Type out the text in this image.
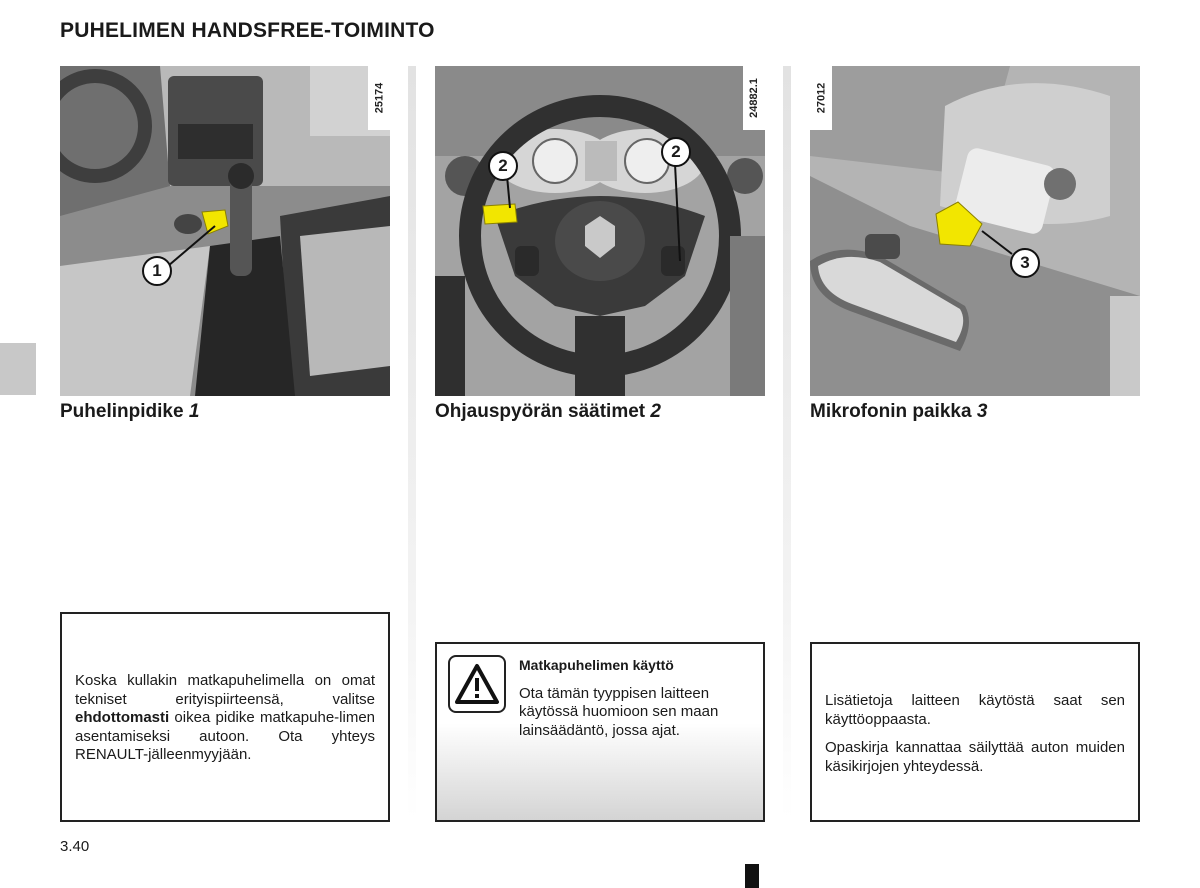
PUHELIMEN HANDSFREE-TOIMINTO
25174
1
24882.1
2
2
27012
3
Puhelinpidike 1	Ohjauspyörän säätimet 2	Mikrofonin paikka 3

Koska kullakin matkapuhelimella on omat tekniset erityispiirteensä, valitse ehdottomasti oikea pidike matkapuhe-limen asentamiseksi autoon. Ota yhteys RENAULT-jälleenmyyjään.

Matkapuhelimen käyttö

Ota tämän tyyppisen laitteen käytössä huomioon sen maan lainsäädäntö, jossa ajat.

Lisätietoja laitteen käytöstä saat sen käyttöoppaasta.

Opaskirja kannattaa säilyttää auton muiden käsikirjojen yhteydessä.

3.40
